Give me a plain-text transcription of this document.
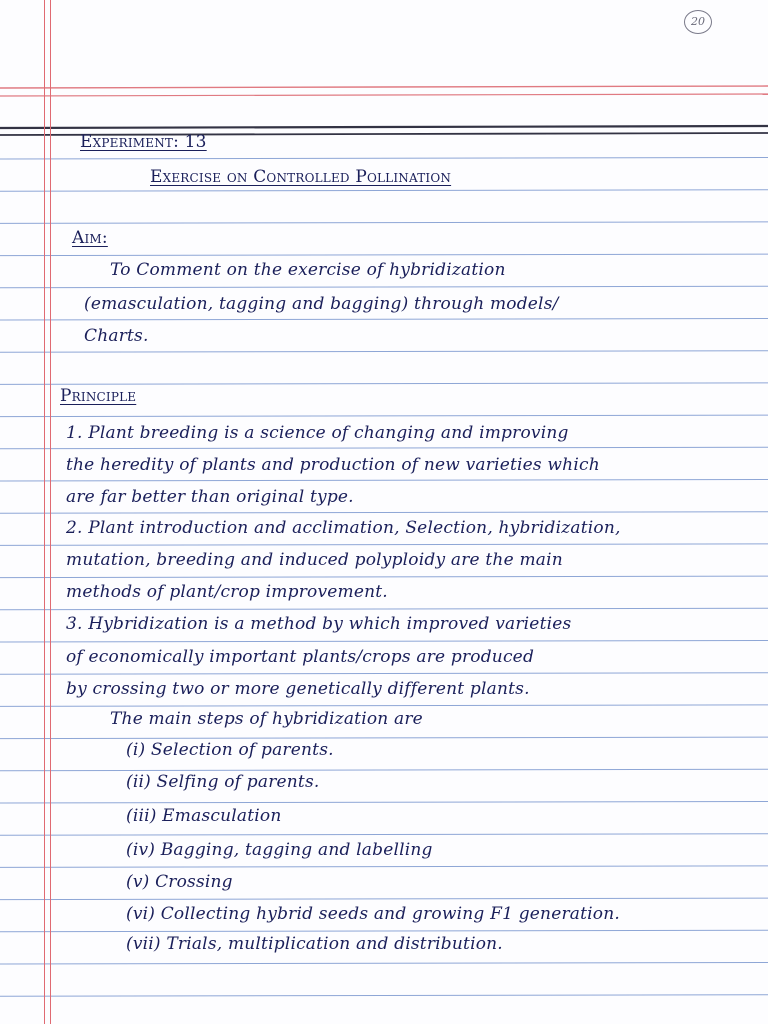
20
Experiment: 13
Exercise on Controlled Pollination
Aim:
To Comment on the exercise of hybridization
(emasculation, tagging and bagging) through models/
Charts.
Principle
1. Plant breeding is a science of changing and improving
the heredity of plants and production of new varieties which
are far better than original type.
2. Plant introduction and acclimation, Selection, hybridization,
mutation, breeding and induced polyploidy are the main
methods of plant/crop improvement.
3. Hybridization is a method by which improved varieties
of economically important plants/crops are produced
by crossing two or more genetically different plants.
The main steps of hybridization are
(i) Selection of parents.
(ii) Selfing of parents.
(iii) Emasculation
(iv) Bagging, tagging and labelling
(v) Crossing
(vi) Collecting hybrid seeds and growing F1 generation.
(vii) Trials, multiplication and distribution.
